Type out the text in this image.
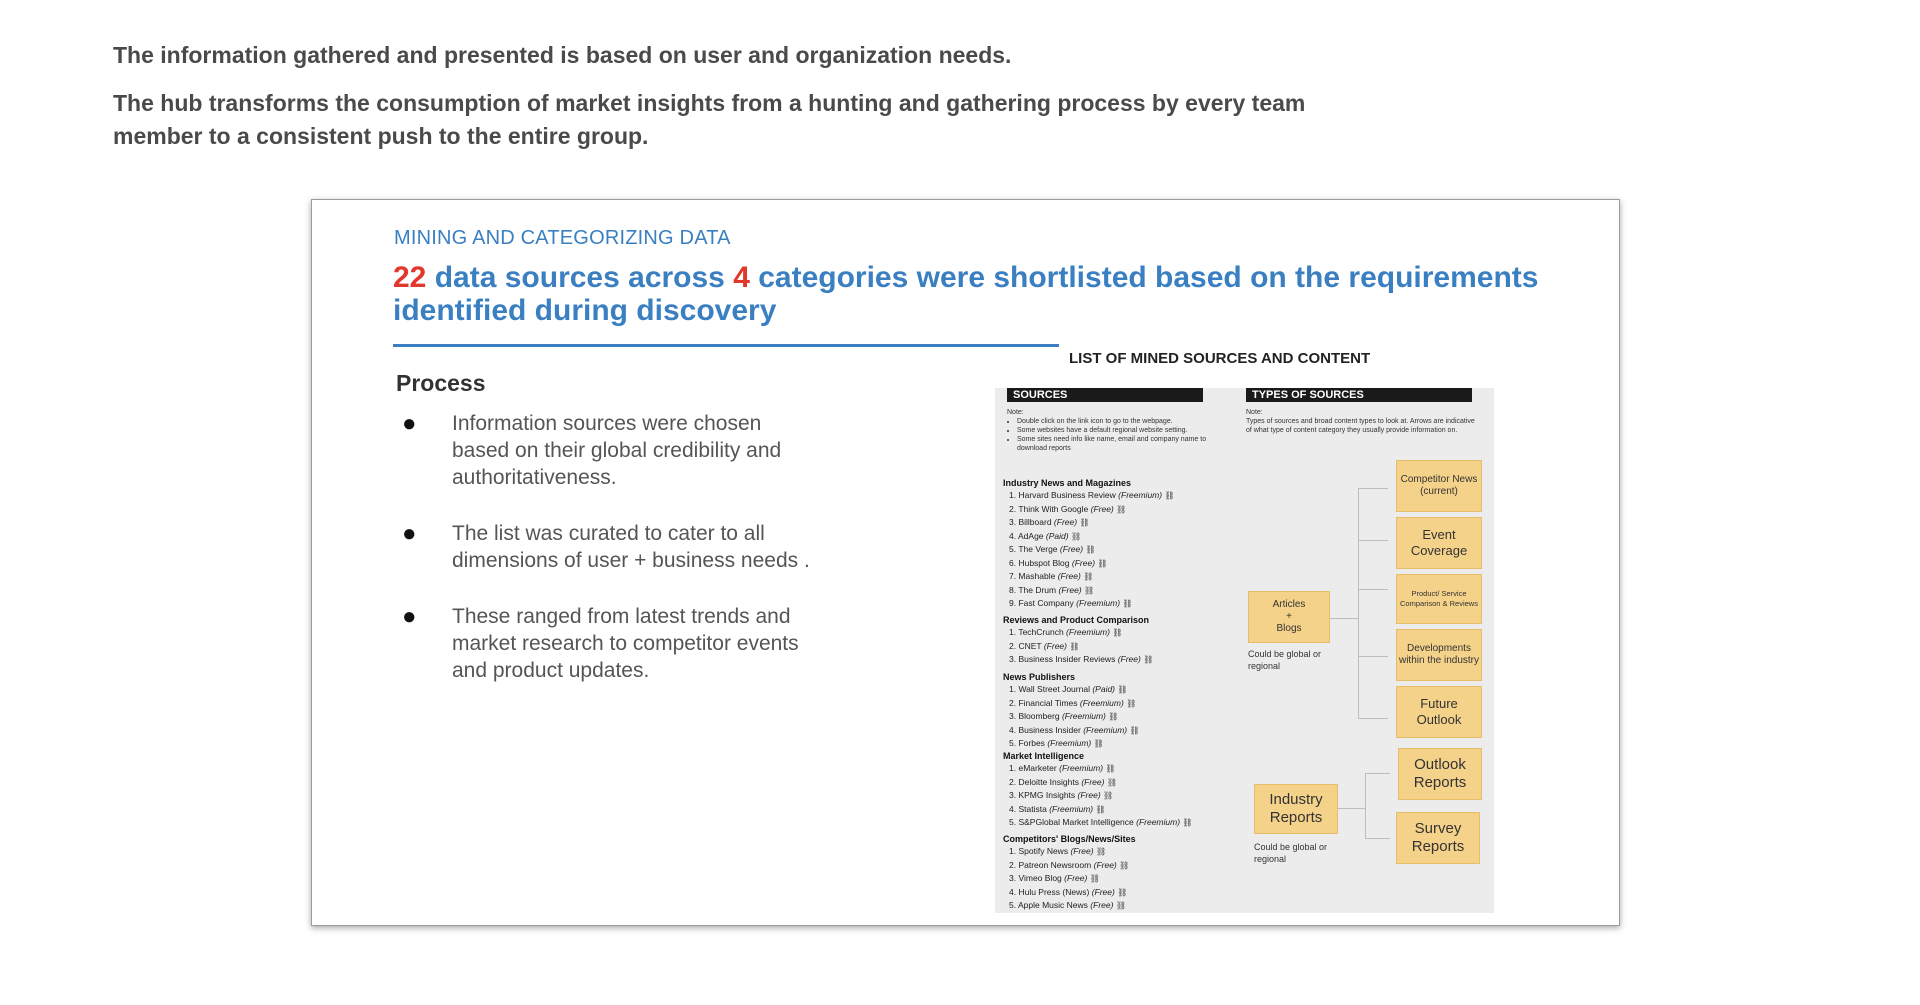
The information gathered and presented is based on user and organization needs.

The hub transforms the consumption of market insights from a hunting and gathering process by every team member to a consistent push to the entire group.

MINING AND CATEGORIZING DATA
22 data sources across 4 categories were shortlisted based on the requirements identified during discovery
Process
● Information sources were chosen based on their global credibility and authoritativeness.
● The list was curated to cater to all dimensions of user + business needs .
● These ranged from latest trends and market research to competitor events and product updates.
LIST OF MINED SOURCES AND CONTENT
SOURCES
Note:
• Double click on the link icon to go to the webpage.
• Some websites have a default regional website setting.
• Some sites need info like name, email and company name to download reports
Industry News and Magazines
1. Harvard Business Review (Freemium) ⛓
2. Think With Google (Free) ⛓
3. Billboard (Free) ⛓
4. AdAge (Paid) ⛓
5. The Verge (Free) ⛓
6. Hubspot Blog (Free) ⛓
7. Mashable (Free) ⛓
8. The Drum (Free) ⛓
9. Fast Company (Freemium) ⛓
Reviews and Product Comparison
1. TechCrunch (Freemium) ⛓
2. CNET (Free) ⛓
3. Business Insider Reviews (Free) ⛓
News Publishers
1. Wall Street Journal (Paid) ⛓
2. Financial Times (Freemium) ⛓
3. Bloomberg (Freemium) ⛓
4. Business Insider (Freemium) ⛓
5. Forbes (Freemium) ⛓
Market Intelligence
1. eMarketer (Freemium) ⛓
2. Deloitte Insights (Free) ⛓
3. KPMG Insights (Free) ⛓
4. Statista (Freemium) ⛓
5. S&PGlobal Market Intelligence (Freemium) ⛓
Competitors' Blogs/News/Sites
1. Spotify News (Free) ⛓
2. Patreon Newsroom (Free) ⛓
3. Vimeo Blog (Free) ⛓
4. Hulu Press (News) (Free) ⛓
5. Apple Music News (Free) ⛓
TYPES OF SOURCES
Note:
Types of sources and broad content types to look at. Arrows are indicative of what type of content category they usually provide information on.
Articles
+
Blogs
Could be global or regional
Industry Reports
Could be global or regional
Competitor News (current)
Event Coverage
Product/ Service Comparison & Reviews
Developments within the industry
Future Outlook
Outlook Reports
Survey Reports
